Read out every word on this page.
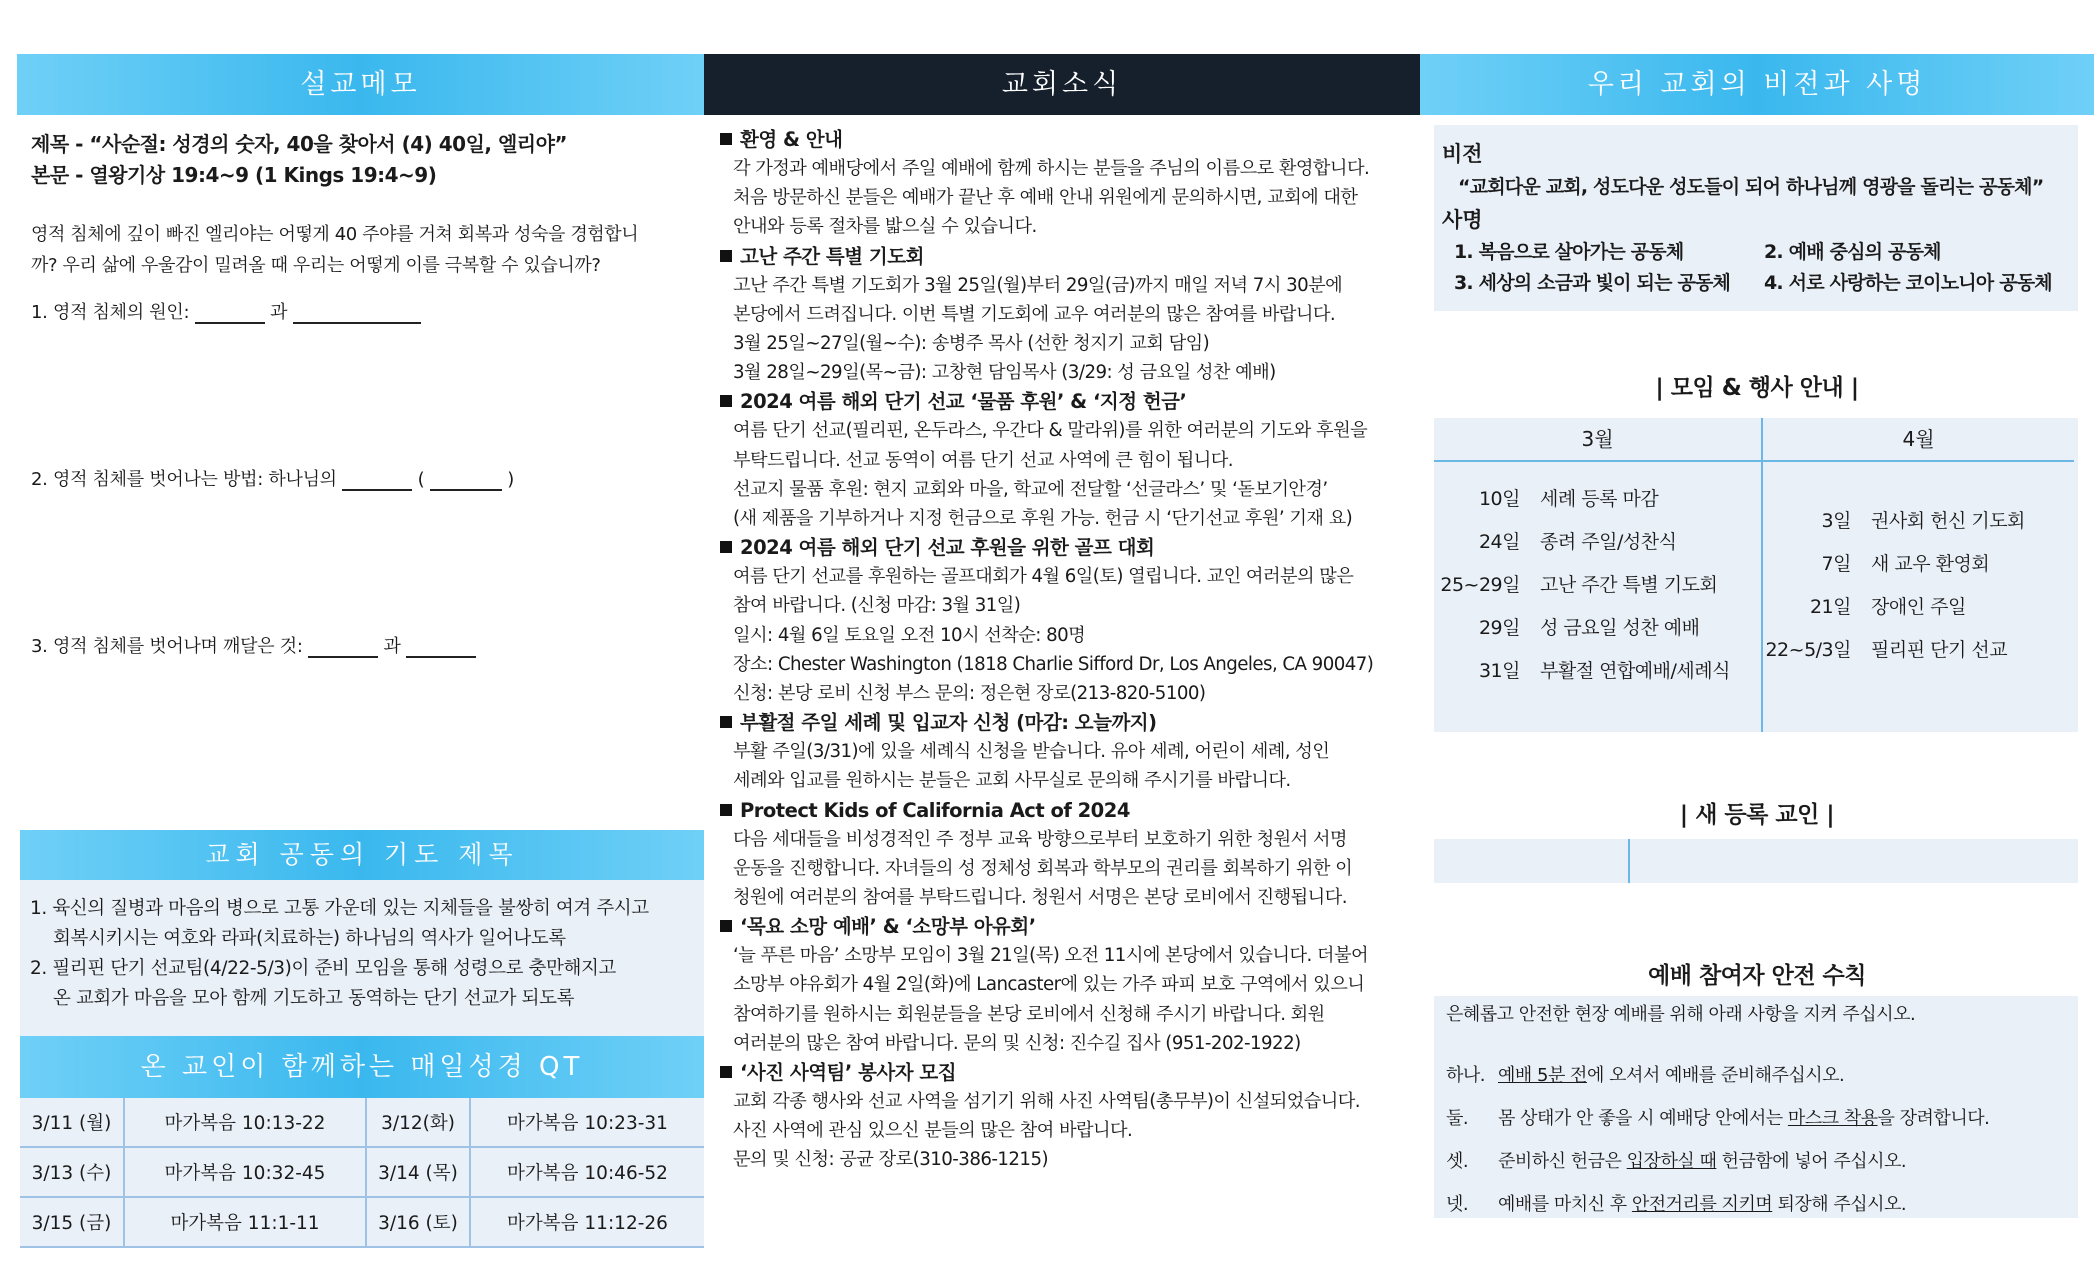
설교메모
제목 - “사순절: 성경의 숫자, 40을 찾아서 (4) 40일, 엘리야”
본문 - 열왕기상 19:4~9 (1 Kings 19:4~9)
영적 침체에 깊이 빠진 엘리야는 어떻게 40 주야를 거쳐 회복과 성숙을 경험합니
까? 우리 삶에 우울감이 밀려올 때 우리는 어떻게 이를 극복할 수 있습니까?
1. 영적 침체의 원인:	과
2. 영적 침체를 벗어나는 방법: 하나님의	(	)
3. 영적 침체를 벗어나며 깨달은 것:	과
교회 공동의 기도 제목
1. 육신의 질병과 마음의 병으로 고통 가운데 있는 지체들을 불쌍히 여겨 주시고
회복시키시는 여호와 라파(치료하는) 하나님의 역사가 일어나도록
2. 필리핀 단기 선교팀(4/22-5/3)이 준비 모임을 통해 성령으로 충만해지고
온 교회가 마음을 모아 함께 기도하고 동역하는 단기 선교가 되도록
온 교인이 함께하는 매일성경 QT
3/11 (월)	마가복음 10:13-22	3/12(화)	마가복음 10:23-31
3/13 (수)	마가복음 10:32-45	3/14 (목)	마가복음 10:46-52
3/15 (금)	마가복음 11:1-11	3/16 (토)	마가복음 11:12-26
교회소식
환영 & 안내
각 가정과 예배당에서 주일 예배에 함께 하시는 분들을 주님의 이름으로 환영합니다.
처음 방문하신 분들은 예배가 끝난 후 예배 안내 위원에게 문의하시면, 교회에 대한
안내와 등록 절차를 밟으실 수 있습니다.
고난 주간 특별 기도회
고난 주간 특별 기도회가 3월 25일(월)부터 29일(금)까지 매일 저녁 7시 30분에
본당에서 드려집니다. 이번 특별 기도회에 교우 여러분의 많은 참여를 바랍니다.
3월 25일~27일(월~수): 송병주 목사 (선한 청지기 교회 담임)
3월 28일~29일(목~금): 고창현 담임목사 (3/29: 성 금요일 성찬 예배)
2024 여름 해외 단기 선교 ‘물품 후원’ & ‘지정 헌금’
여름 단기 선교(필리핀, 온두라스, 우간다 & 말라위)를 위한 여러분의 기도와 후원을
부탁드립니다. 선교 동역이 여름 단기 선교 사역에 큰 힘이 됩니다.
선교지 물품 후원: 현지 교회와 마을, 학교에 전달할 ‘선글라스’ 및 ‘돋보기안경’
(새 제품을 기부하거나 지정 헌금으로 후원 가능. 헌금 시 ‘단기선교 후원’ 기재 요)
2024 여름 해외 단기 선교 후원을 위한 골프 대회
여름 단기 선교를 후원하는 골프대회가 4월 6일(토) 열립니다. 교인 여러분의 많은
참여 바랍니다. (신청 마감: 3월 31일)
일시: 4월 6일 토요일 오전 10시 선착순: 80명
장소: Chester Washington (1818 Charlie Sifford Dr, Los Angeles, CA 90047)
신청: 본당 로비 신청 부스 문의: 정은현 장로(213-820-5100)
부활절 주일 세례 및 입교자 신청 (마감: 오늘까지)
부활 주일(3/31)에 있을 세례식 신청을 받습니다. 유아 세례, 어린이 세례, 성인
세례와 입교를 원하시는 분들은 교회 사무실로 문의해 주시기를 바랍니다.
Protect Kids of California Act of 2024
다음 세대들을 비성경적인 주 정부 교육 방향으로부터 보호하기 위한 청원서 서명
운동을 진행합니다. 자녀들의 성 정체성 회복과 학부모의 권리를 회복하기 위한 이
청원에 여러분의 참여를 부탁드립니다. 청원서 서명은 본당 로비에서 진행됩니다.
‘목요 소망 예배’ & ‘소망부 아유회’
‘늘 푸른 마음’ 소망부 모임이 3월 21일(목) 오전 11시에 본당에서 있습니다. 더불어
소망부 야유회가 4월 2일(화)에 Lancaster에 있는 가주 파피 보호 구역에서 있으니
참여하기를 원하시는 회원분들을 본당 로비에서 신청해 주시기 바랍니다. 회원
여러분의 많은 참여 바랍니다. 문의 및 신청: 진수길 집사 (951-202-1922)
‘사진 사역팀’ 봉사자 모집
교회 각종 행사와 선교 사역을 섬기기 위해 사진 사역팀(총무부)이 신설되었습니다.
사진 사역에 관심 있으신 분들의 많은 참여 바랍니다.
문의 및 신청: 공균 장로(310-386-1215)
우리 교회의 비전과 사명
비전
“교회다운 교회, 성도다운 성도들이 되어 하나님께 영광을 돌리는 공동체”
사명
1. 복음으로 살아가는 공동체	2. 예배 중심의 공동체
3. 세상의 소금과 빛이 되는 공동체	4. 서로 사랑하는 코이노니아 공동체
| 모임 & 행사 안내 |
3월	4월
10일 세례 등록 마감
24일 종려 주일/성찬식
25~29일 고난 주간 특별 기도회
29일 성 금요일 성찬 예배
31일 부활절 연합예배/세례식
3일 권사회 헌신 기도회
7일 새 교우 환영회
21일 장애인 주일
22~5/3일 필리핀 단기 선교
| 새 등록 교인 |
예배 참여자 안전 수칙
은혜롭고 안전한 현장 예배를 위해 아래 사항을 지켜 주십시오.
하나. 예배 5분 전에 오셔서 예배를 준비해주십시오.
둘.	몸 상태가 안 좋을 시 예배당 안에서는 마스크 착용을 장려합니다.
셋.	준비하신 헌금은 입장하실 때 헌금함에 넣어 주십시오.
넷.	예배를 마치신 후 안전거리를 지키며 퇴장해 주십시오.
